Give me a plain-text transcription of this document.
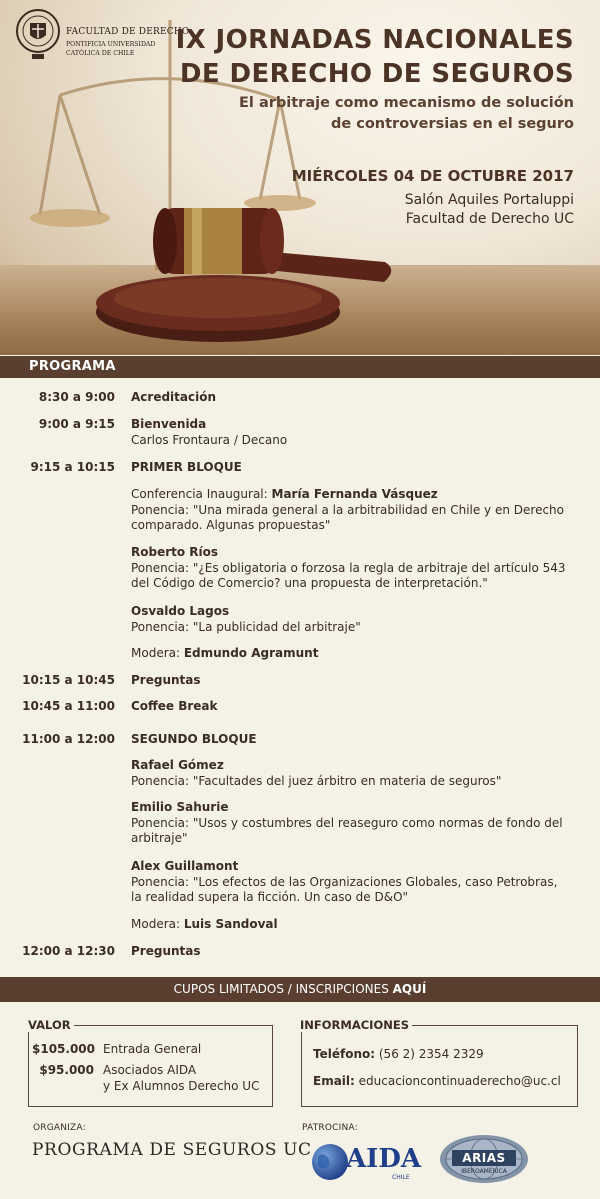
FACULTAD DE DERECHO
PONTIFICIA UNIVERSIDAD
CATÓLICA DE CHILE IX JORNADAS NACIONALES
DE DERECHO DE SEGUROS
El arbitraje como mecanismo de solución
de controversias en el seguro
MIÉRCOLES 04 DE OCTUBRE 2017
Salón Aquiles Portaluppi
Facultad de Derecho UC
PROGRAMA
8:30 a 9:00 Acreditación
9:00 a 9:15 Bienvenida
Carlos Frontaura / Decano
9:15 a 10:15 PRIMER BLOQUE
Conferencia Inaugural: María Fernanda Vásquez
Ponencia: "Una mirada general a la arbitrabilidad en Chile y en Derecho comparado. Algunas propuestas"
Roberto Ríos
Ponencia: "¿Es obligatoria o forzosa la regla de arbitraje del artículo 543 del Código de Comercio? una propuesta de interpretación."
Osvaldo Lagos
Ponencia: "La publicidad del arbitraje"
Modera: Edmundo Agramunt
10:15 a 10:45 Preguntas
10:45 a 11:00 Coffee Break
11:00 a 12:00 SEGUNDO BLOQUE
Rafael Gómez
Ponencia: "Facultades del juez árbitro en materia de seguros"
Emilio Sahurie
Ponencia: "Usos y costumbres del reaseguro como normas de fondo del arbitraje"
Alex Guillamont
Ponencia: "Los efectos de las Organizaciones Globales, caso Petrobras, la realidad supera la ficción. Un caso de D&O"
Modera: Luis Sandoval
12:00 a 12:30 Preguntas
CUPOS LIMITADOS / INSCRIPCIONES AQUÍ
VALOR
$105.000 Entrada General
$95.000 Asociados AIDA
y Ex Alumnos Derecho UC
INFORMACIONES
Teléfono: (56 2) 2354 2329
Email: educacioncontinuaderecho@uc.cl
ORGANIZA:
PROGRAMA DE SEGUROS UC
PATROCINA:
AIDA
CHILE
ARIAS
IBEROAMÉRICA
